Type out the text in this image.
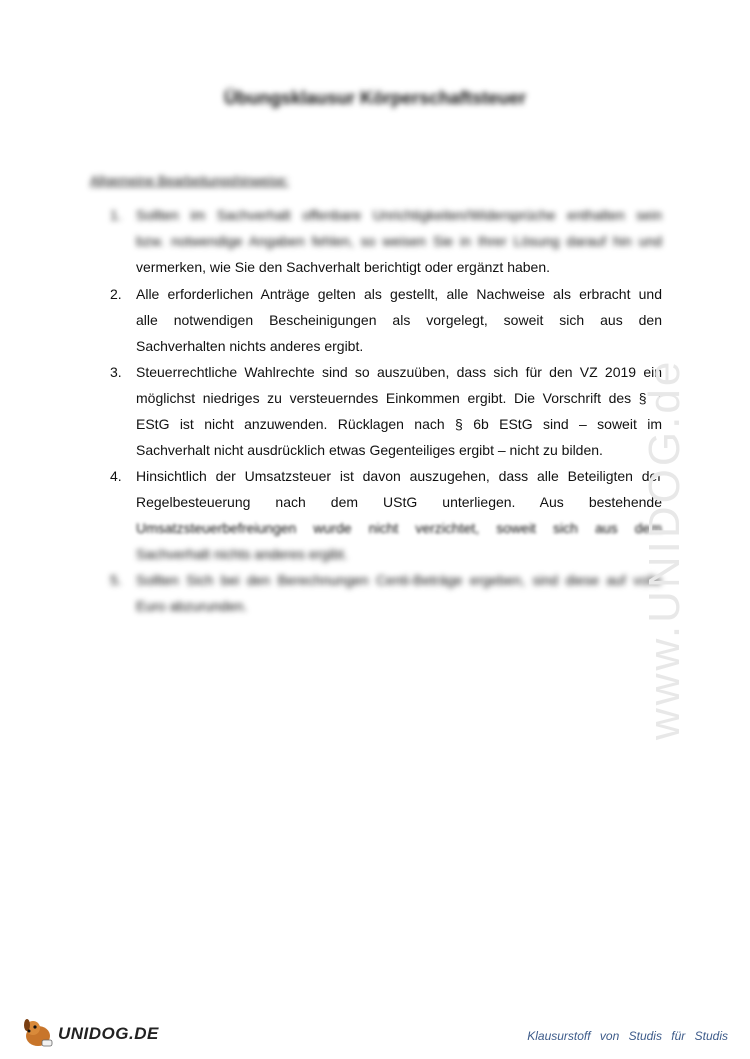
Übungsklausur Körperschaftsteuer
Allgemeine Bearbeitungshinweise:
1.	Sollten im Sachverhalt offenbare Unrichtigkeiten/Widersprüche enthalten sein
bzw. notwendige Angaben fehlen, so weisen Sie in Ihrer Lösung darauf hin und
vermerken, wie Sie den Sachverhalt berichtigt oder ergänzt haben.
2.	Alle erforderlichen Anträge gelten als gestellt, alle Nachweise als erbracht und
alle notwendigen Bescheinigungen als vorgelegt, soweit sich aus den
Sachverhalten nichts anderes ergibt.
3.	Steuerrechtliche Wahlrechte sind so auszuüben, dass sich für den VZ 2019 ein
möglichst niedriges zu versteuerndes Einkommen ergibt. Die Vorschrift des § 7
EStG ist nicht anzuwenden. Rücklagen nach § 6b EStG sind – soweit im
Sachverhalt nicht ausdrücklich etwas Gegenteiliges ergibt – nicht zu bilden.
4.	Hinsichtlich der Umsatzsteuer ist davon auszugehen, dass alle Beteiligten der
Regelbesteuerung nach dem UStG unterliegen. Aus bestehende
Umsatzsteuerbefreiungen wurde nicht verzichtet, soweit sich aus dem
Sachverhalt nichts anderes ergibt.
5.	Sollten Sich bei den Berechnungen Centi-Beträge ergeben, sind diese auf volle
Euro abzurunden.	www.UNIDOG.de
UNIDOG.DE	Klausurstoff von Studis für Studis
